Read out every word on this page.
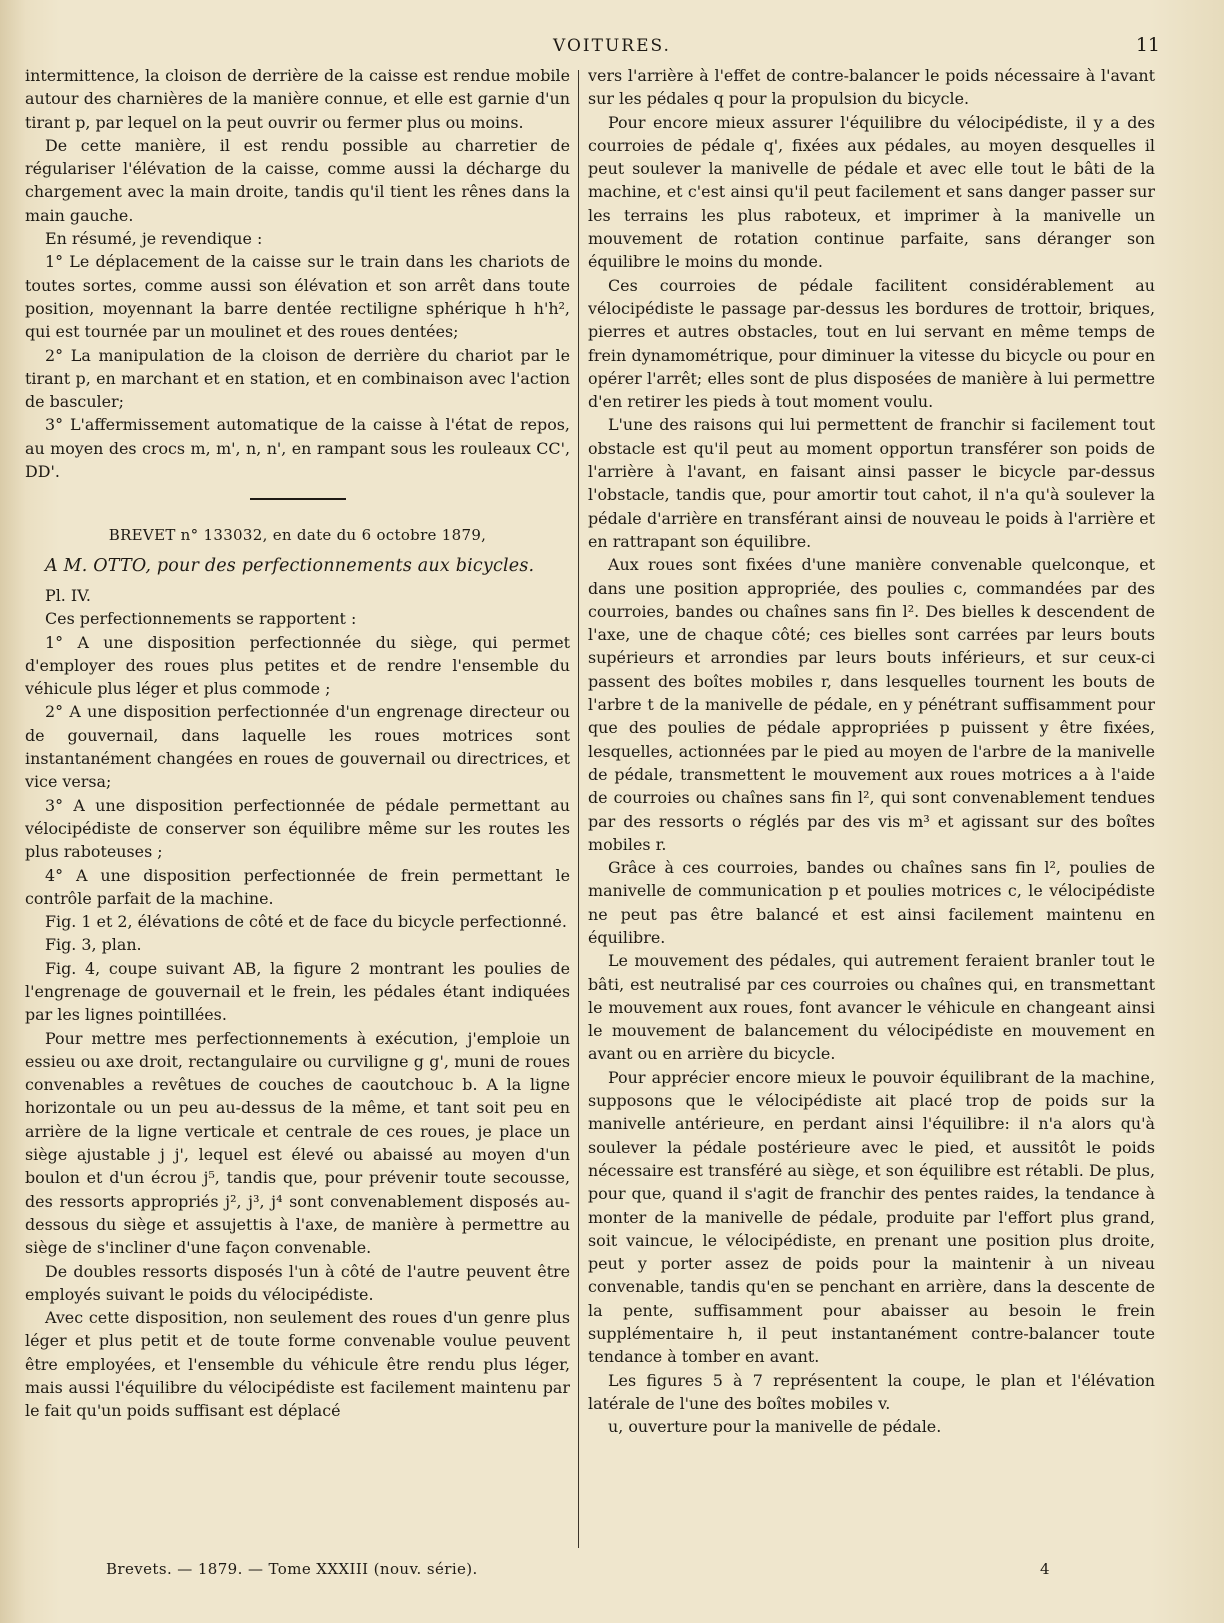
VOITURES.	11

intermittence, la cloison de derrière de la caisse est rendue mobile autour des charnières de la manière connue, et elle est garnie d'un tirant p, par lequel on la peut ouvrir ou fermer plus ou moins.

De cette manière, il est rendu possible au charretier de régulariser l'élévation de la caisse, comme aussi la décharge du chargement avec la main droite, tandis qu'il tient les rênes dans la main gauche.

En résumé, je revendique :

1° Le déplacement de la caisse sur le train dans les chariots de toutes sortes, comme aussi son élévation et son arrêt dans toute position, moyennant la barre dentée rectiligne sphérique h h'h², qui est tournée par un moulinet et des roues dentées;

2° La manipulation de la cloison de derrière du chariot par le tirant p, en marchant et en station, et en combinaison avec l'action de basculer;

3° L'affermissement automatique de la caisse à l'état de repos, au moyen des crocs m, m', n, n', en rampant sous les rouleaux CC', DD'.

BREVET n° 133032, en date du 6 octobre 1879,

A M. OTTO, pour des perfectionnements aux bicycles.

Pl. IV.

Ces perfectionnements se rapportent :

1° A une disposition perfectionnée du siège, qui permet d'employer des roues plus petites et de rendre l'ensemble du véhicule plus léger et plus commode ;

2° A une disposition perfectionnée d'un engrenage directeur ou de gouvernail, dans laquelle les roues motrices sont instantanément changées en roues de gouvernail ou directrices, et vice versa;

3° A une disposition perfectionnée de pédale permettant au vélocipédiste de conserver son équilibre même sur les routes les plus raboteuses ;

4° A une disposition perfectionnée de frein permettant le contrôle parfait de la machine.

Fig. 1 et 2, élévations de côté et de face du bicycle perfectionné.

Fig. 3, plan.

Fig. 4, coupe suivant AB, la figure 2 montrant les poulies de l'engrenage de gouvernail et le frein, les pédales étant indiquées par les lignes pointillées.

Pour mettre mes perfectionnements à exécution, j'emploie un essieu ou axe droit, rectangulaire ou curviligne g g', muni de roues convenables a revêtues de couches de caoutchouc b. A la ligne horizontale ou un peu au-dessus de la même, et tant soit peu en arrière de la ligne verticale et centrale de ces roues, je place un siège ajustable j j', lequel est élevé ou abaissé au moyen d'un boulon et d'un écrou j⁵, tandis que, pour prévenir toute secousse, des ressorts appropriés j², j³, j⁴ sont convenablement disposés au-dessous du siège et assujettis à l'axe, de manière à permettre au siège de s'incliner d'une façon convenable.

De doubles ressorts disposés l'un à côté de l'autre peuvent être employés suivant le poids du vélocipédiste.

Avec cette disposition, non seulement des roues d'un genre plus léger et plus petit et de toute forme convenable voulue peuvent être employées, et l'ensemble du véhicule être rendu plus léger, mais aussi l'équilibre du vélocipédiste est facilement maintenu par le fait qu'un poids suffisant est déplacé

vers l'arrière à l'effet de contre-balancer le poids nécessaire à l'avant sur les pédales q pour la propulsion du bicycle.

Pour encore mieux assurer l'équilibre du vélocipédiste, il y a des courroies de pédale q', fixées aux pédales, au moyen desquelles il peut soulever la manivelle de pédale et avec elle tout le bâti de la machine, et c'est ainsi qu'il peut facilement et sans danger passer sur les terrains les plus raboteux, et imprimer à la manivelle un mouvement de rotation continue parfaite, sans déranger son équilibre le moins du monde.

Ces courroies de pédale facilitent considérablement au vélocipédiste le passage par-dessus les bordures de trottoir, briques, pierres et autres obstacles, tout en lui servant en même temps de frein dynamométrique, pour diminuer la vitesse du bicycle ou pour en opérer l'arrêt; elles sont de plus disposées de manière à lui permettre d'en retirer les pieds à tout moment voulu.

L'une des raisons qui lui permettent de franchir si facilement tout obstacle est qu'il peut au moment opportun transférer son poids de l'arrière à l'avant, en faisant ainsi passer le bicycle par-dessus l'obstacle, tandis que, pour amortir tout cahot, il n'a qu'à soulever la pédale d'arrière en transférant ainsi de nouveau le poids à l'arrière et en rattrapant son équilibre.

Aux roues sont fixées d'une manière convenable quelconque, et dans une position appropriée, des poulies c, commandées par des courroies, bandes ou chaînes sans fin l². Des bielles k descendent de l'axe, une de chaque côté; ces bielles sont carrées par leurs bouts supérieurs et arrondies par leurs bouts inférieurs, et sur ceux-ci passent des boîtes mobiles r, dans lesquelles tournent les bouts de l'arbre t de la manivelle de pédale, en y pénétrant suffisamment pour que des poulies de pédale appropriées p puissent y être fixées, lesquelles, actionnées par le pied au moyen de l'arbre de la manivelle de pédale, transmettent le mouvement aux roues motrices a à l'aide de courroies ou chaînes sans fin l², qui sont convenablement tendues par des ressorts o réglés par des vis m³ et agissant sur des boîtes mobiles r.

Grâce à ces courroies, bandes ou chaînes sans fin l², poulies de manivelle de communication p et poulies motrices c, le vélocipédiste ne peut pas être balancé et est ainsi facilement maintenu en équilibre.

Le mouvement des pédales, qui autrement feraient branler tout le bâti, est neutralisé par ces courroies ou chaînes qui, en transmettant le mouvement aux roues, font avancer le véhicule en changeant ainsi le mouvement de balancement du vélocipédiste en mouvement en avant ou en arrière du bicycle.

Pour apprécier encore mieux le pouvoir équilibrant de la machine, supposons que le vélocipédiste ait placé trop de poids sur la manivelle antérieure, en perdant ainsi l'équilibre: il n'a alors qu'à soulever la pédale postérieure avec le pied, et aussitôt le poids nécessaire est transféré au siège, et son équilibre est rétabli. De plus, pour que, quand il s'agit de franchir des pentes raides, la tendance à monter de la manivelle de pédale, produite par l'effort plus grand, soit vaincue, le vélocipédiste, en prenant une position plus droite, peut y porter assez de poids pour la maintenir à un niveau convenable, tandis qu'en se penchant en arrière, dans la descente de la pente, suffisamment pour abaisser au besoin le frein supplémentaire h, il peut instantanément contre-balancer toute tendance à tomber en avant.

Les figures 5 à 7 représentent la coupe, le plan et l'élévation latérale de l'une des boîtes mobiles v.

u, ouverture pour la manivelle de pédale.

Brevets. — 1879. — Tome XXXIII (nouv. série).	4
